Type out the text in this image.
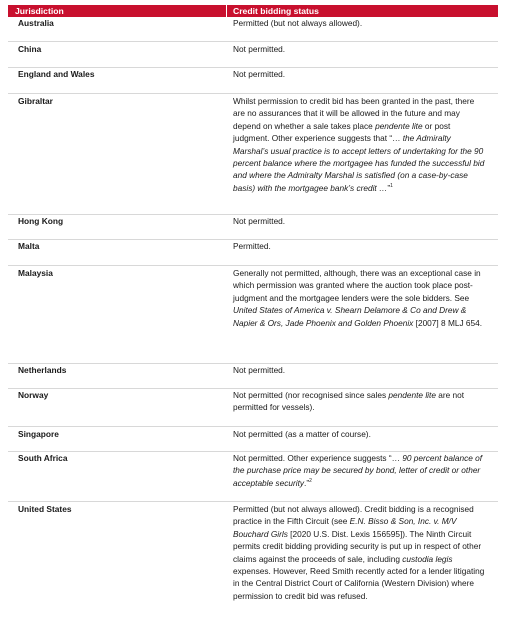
Jurisdiction	Credit bidding status
Australia	Permitted (but not always allowed).
China	Not permitted.
England and Wales	Not permitted.
Gibraltar	Whilst permission to credit bid has been granted in the past, there are no assurances that it will be allowed in the future and may depend on whether a sale takes place pendente lite or post judgment. Other experience suggests that “… the Admiralty Marshal’s usual practice is to accept letters of undertaking for the 90 percent balance where the mortgagee has funded the successful bid and where the Admiralty Marshal is satisfied (on a case-by-case basis) with the mortgagee bank’s credit …”$^1$
Hong Kong	Not permitted.
Malta	Permitted.
Malaysia	Generally not permitted, although, there was an exceptional case in which permission was granted where the auction took place post-judgment and the mortgagee lenders were the sole bidders. See United States of America v. Shearn Delamore & Co and Drew & Napier & Ors, Jade Phoenix and Golden Phoenix [2007] 8 MLJ 654.
Netherlands	Not permitted.
Norway	Not permitted (nor recognised since sales pendente lite are not permitted for vessels).
Singapore	Not permitted (as a matter of course).
South Africa	Not permitted. Other experience suggests “… 90 percent balance of the purchase price may be secured by bond, letter of credit or other acceptable security.”$^2$
United States	Permitted (but not always allowed). Credit bidding is a recognised practice in the Fifth Circuit (see E.N. Bisso & Son, Inc. v. M/V Bouchard Girls [2020 U.S. Dist. Lexis 156595]). The Ninth Circuit permits credit bidding providing security is put up in respect of other claims against the proceeds of sale, including custodia legis expenses. However, Reed Smith recently acted for a lender litigating in the Central District Court of California (Western Division) where permission to credit bid was refused.
